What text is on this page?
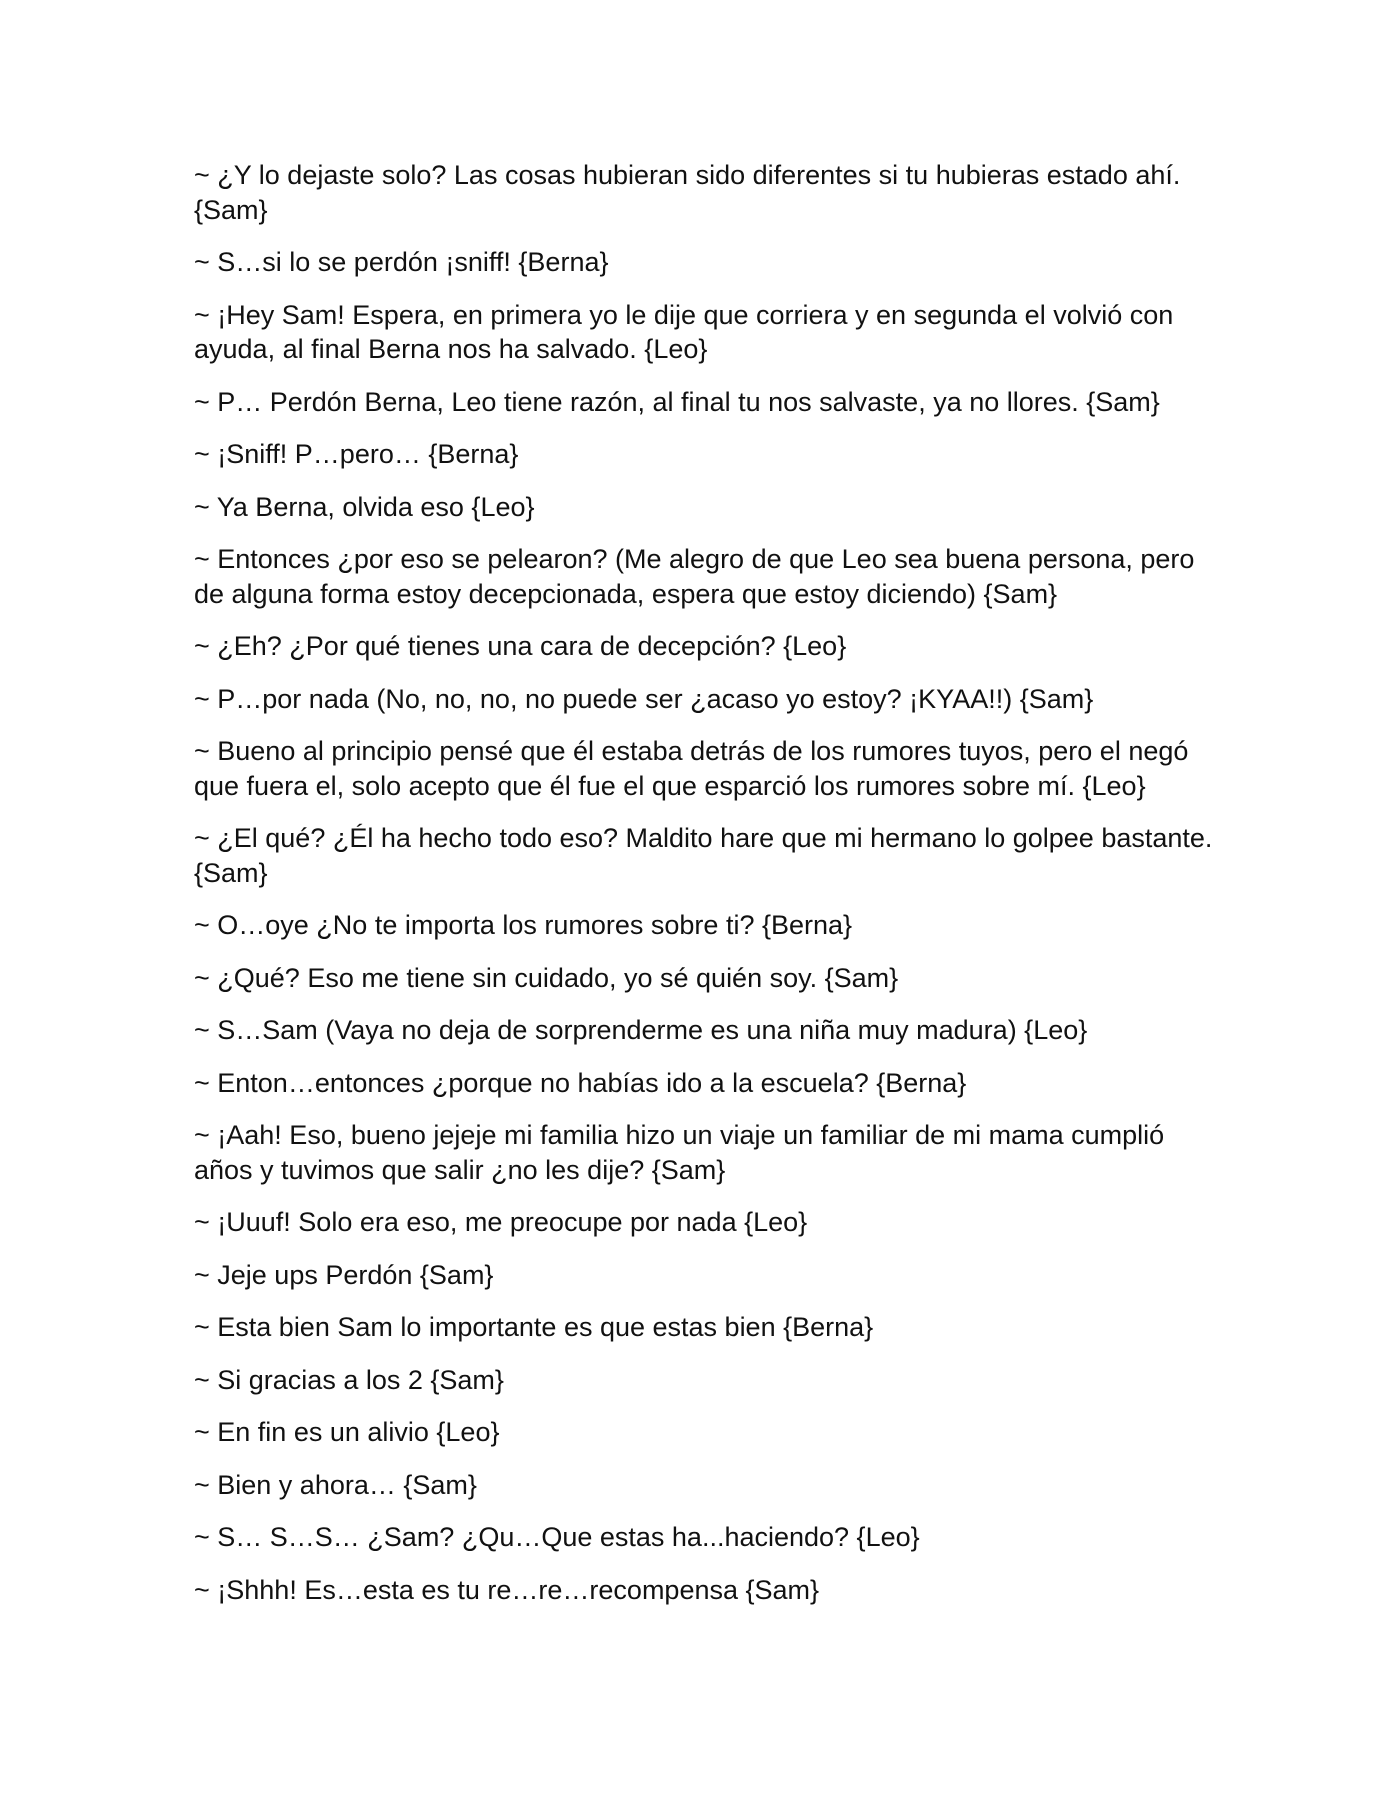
~ ¿Y lo dejaste solo? Las cosas hubieran sido diferentes si tu hubieras estado ahí. {Sam}

~ S…si lo se perdón ¡sniff! {Berna}

~ ¡Hey Sam! Espera, en primera yo le dije que corriera y en segunda el volvió con ayuda, al final Berna nos ha salvado. {Leo}

~ P… Perdón Berna, Leo tiene razón, al final tu nos salvaste, ya no llores. {Sam}

~ ¡Sniff! P…pero… {Berna}

~ Ya Berna, olvida eso {Leo}

~ Entonces ¿por eso se pelearon? (Me alegro de que Leo sea buena persona, pero de alguna forma estoy decepcionada, espera que estoy diciendo) {Sam}

~ ¿Eh? ¿Por qué tienes una cara de decepción? {Leo}

~ P…por nada (No, no, no, no puede ser ¿acaso yo estoy? ¡KYAA!!) {Sam}

~ Bueno al principio pensé que él estaba detrás de los rumores tuyos, pero el negó que fuera el, solo acepto que él fue el que esparció los rumores sobre mí. {Leo}

~ ¿El qué? ¿Él ha hecho todo eso? Maldito hare que mi hermano lo golpee bastante. {Sam}

~ O…oye ¿No te importa los rumores sobre ti? {Berna}

~ ¿Qué? Eso me tiene sin cuidado, yo sé quién soy. {Sam}

~ S…Sam (Vaya no deja de sorprenderme es una niña muy madura) {Leo}

~ Enton…entonces ¿porque no habías ido a la escuela? {Berna}

~ ¡Aah! Eso, bueno jejeje mi familia hizo un viaje un familiar de mi mama cumplió años y tuvimos que salir ¿no les dije? {Sam}

~ ¡Uuuf! Solo era eso, me preocupe por nada {Leo}

~ Jeje ups Perdón {Sam}

~ Esta bien Sam lo importante es que estas bien {Berna}

~ Si gracias a los 2 {Sam}

~ En fin es un alivio {Leo}

~ Bien y ahora… {Sam}

~ S… S…S… ¿Sam? ¿Qu…Que estas ha...haciendo? {Leo}

~ ¡Shhh! Es…esta es tu re…re…recompensa {Sam}
